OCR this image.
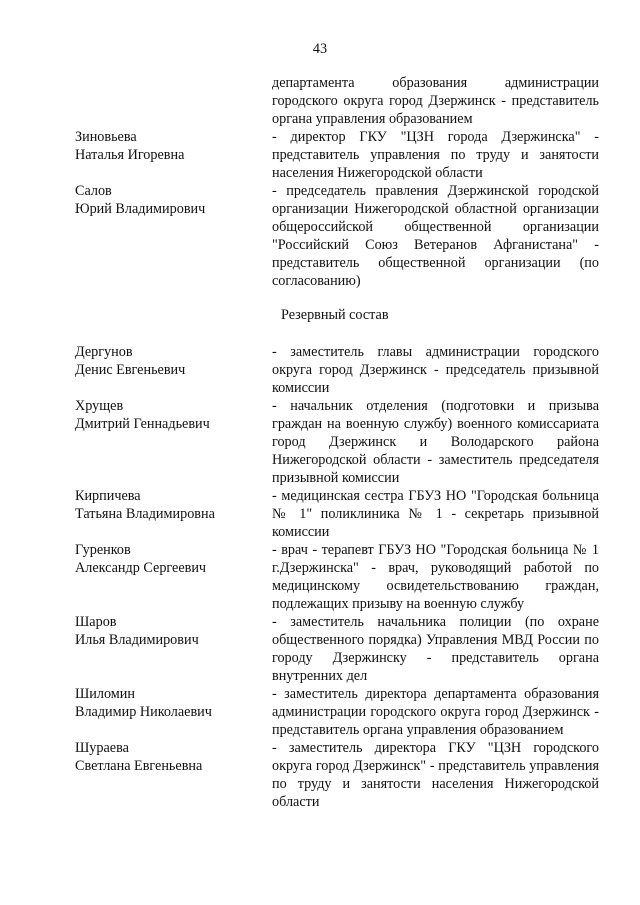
43
департамента образования администрации городского округа город Дзержинск - представитель органа управления образованием
Зиновьева
Наталья Игоревна
- директор ГКУ "ЦЗН города Дзержинска" - представитель управления по труду и занятости населения Нижегородской области
Салов
Юрий Владимирович
- председатель правления Дзержинской городской организации Нижегородской областной организации общероссийской общественной организации "Российский Союз Ветеранов Афганистана" - представитель общественной организации (по согласованию)
Резервный состав
Дергунов
Денис Евгеньевич
- заместитель главы администрации городского округа город Дзержинск - председатель призывной комиссии
Хрущев
Дмитрий Геннадьевич
- начальник отделения (подготовки и призыва граждан на военную службу) военного комиссариата город Дзержинск и Володарского района Нижегородской области - заместитель председателя призывной комиссии
Кирпичева
Татьяна Владимировна
- медицинская сестра ГБУЗ НО "Городская больница № 1" поликлиника № 1 - секретарь призывной комиссии
Гуренков
Александр Сергеевич
- врач - терапевт ГБУЗ НО "Городская больница № 1 г.Дзержинска" - врач, руководящий работой по медицинскому освидетельствованию граждан, подлежащих призыву на военную службу
Шаров
Илья Владимирович
- заместитель начальника полиции (по охране общественного порядка) Управления МВД России по городу Дзержинску - представитель органа внутренних дел
Шиломин
Владимир Николаевич
- заместитель директора департамента образования администрации городского округа город Дзержинск - представитель органа управления образованием
Шураева
Светлана Евгеньевна
- заместитель директора ГКУ "ЦЗН городского округа город Дзержинск" - представитель управления по труду и занятости населения Нижегородской области
